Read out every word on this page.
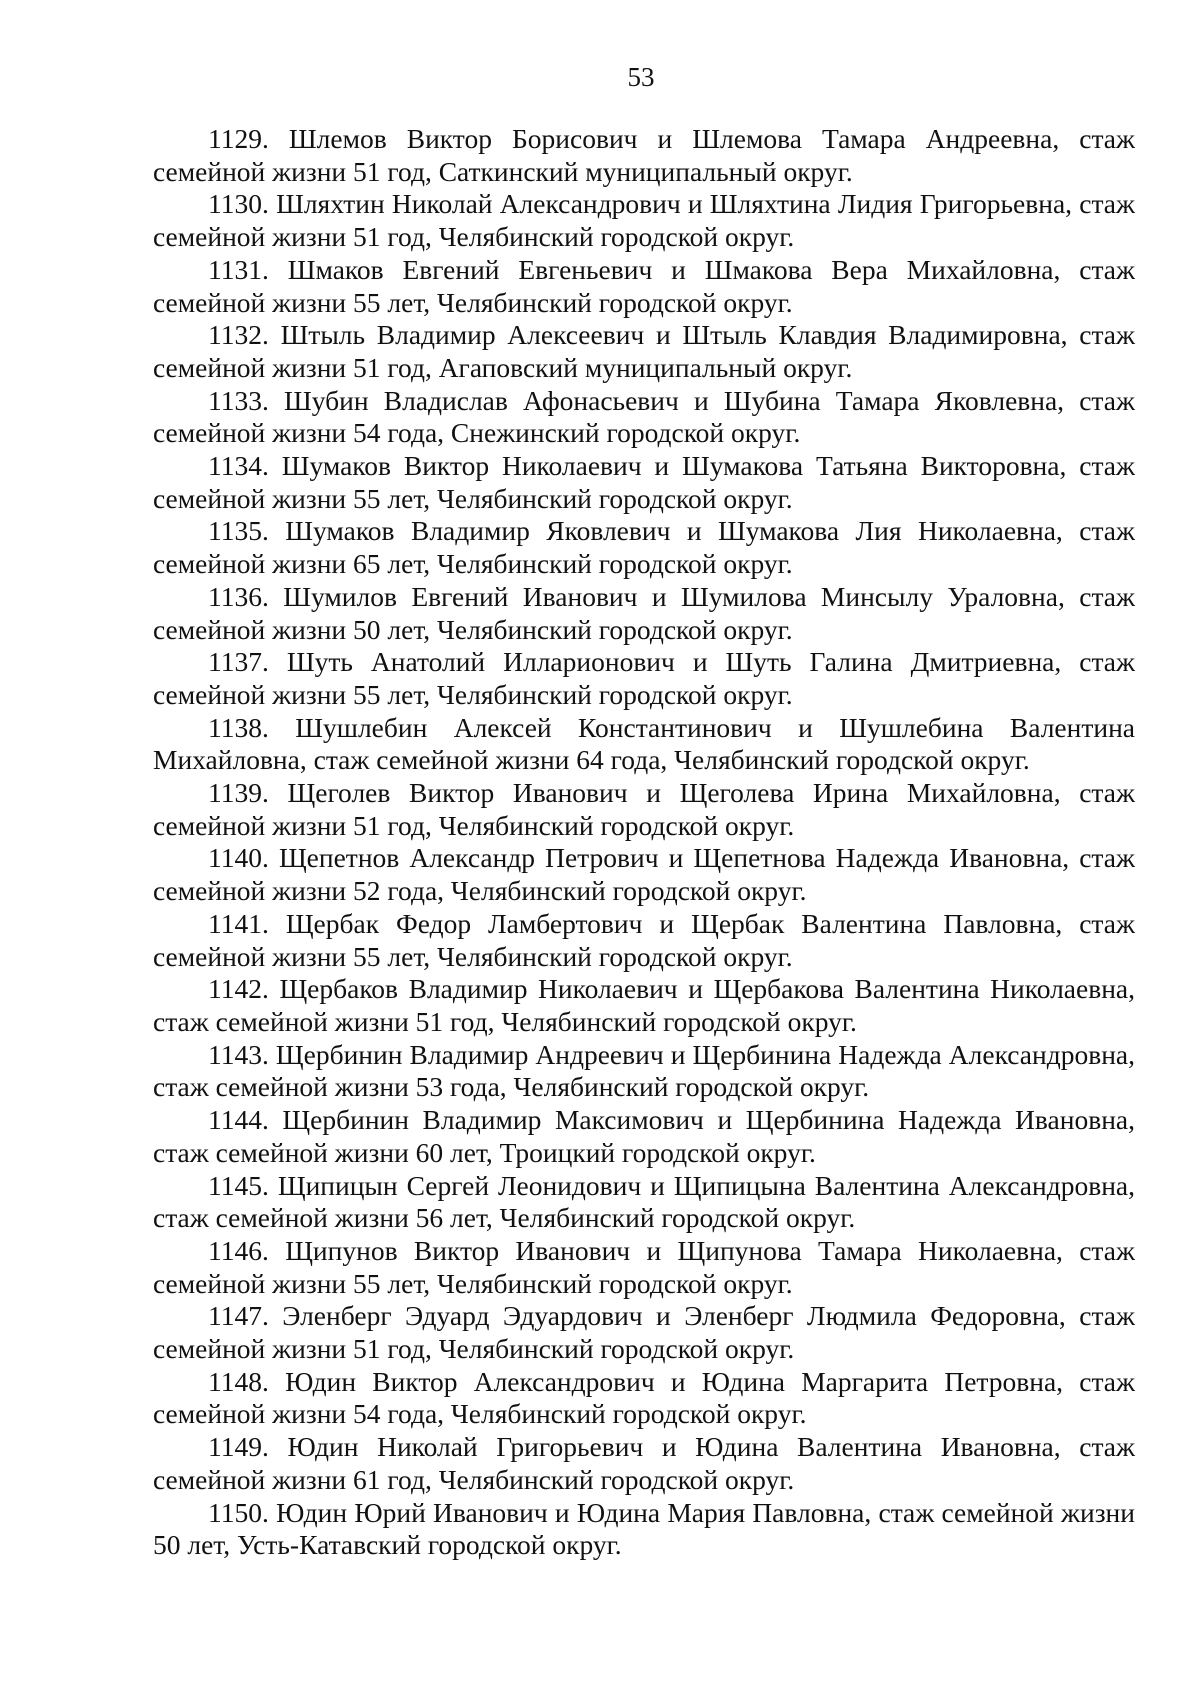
53

1129. Шлемов Виктор Борисович и Шлемова Тамара Андреевна, стаж семейной жизни 51 год, Саткинский муниципальный округ.

1130. Шляхтин Николай Александрович и Шляхтина Лидия Григорьевна, стаж семейной жизни 51 год, Челябинский городской округ.

1131. Шмаков Евгений Евгеньевич и Шмакова Вера Михайловна, стаж семейной жизни 55 лет, Челябинский городской округ.

1132. Штыль Владимир Алексеевич и Штыль Клавдия Владимировна, стаж семейной жизни 51 год, Агаповский муниципальный округ.

1133. Шубин Владислав Афонасьевич и Шубина Тамара Яковлевна, стаж семейной жизни 54 года, Снежинский городской округ.

1134. Шумаков Виктор Николаевич и Шумакова Татьяна Викторовна, стаж семейной жизни 55 лет, Челябинский городской округ.

1135. Шумаков Владимир Яковлевич и Шумакова Лия Николаевна, стаж семейной жизни 65 лет, Челябинский городской округ.

1136. Шумилов Евгений Иванович и Шумилова Минсылу Ураловна, стаж семейной жизни 50 лет, Челябинский городской округ.

1137. Шуть Анатолий Илларионович и Шуть Галина Дмитриевна, стаж семейной жизни 55 лет, Челябинский городской округ.

1138. Шушлебин Алексей Константинович и Шушлебина Валентина Михайловна, стаж семейной жизни 64 года, Челябинский городской округ.

1139. Щеголев Виктор Иванович и Щеголева Ирина Михайловна, стаж семейной жизни 51 год, Челябинский городской округ.

1140. Щепетнов Александр Петрович и Щепетнова Надежда Ивановна, стаж семейной жизни 52 года, Челябинский городской округ.

1141. Щербак Федор Ламбертович и Щербак Валентина Павловна, стаж семейной жизни 55 лет, Челябинский городской округ.

1142. Щербаков Владимир Николаевич и Щербакова Валентина Николаевна, стаж семейной жизни 51 год, Челябинский городской округ.

1143. Щербинин Владимир Андреевич и Щербинина Надежда Александровна, стаж семейной жизни 53 года, Челябинский городской округ.

1144. Щербинин Владимир Максимович и Щербинина Надежда Ивановна, стаж семейной жизни 60 лет, Троицкий городской округ.

1145. Щипицын Сергей Леонидович и Щипицына Валентина Александровна, стаж семейной жизни 56 лет, Челябинский городской округ.

1146. Щипунов Виктор Иванович и Щипунова Тамара Николаевна, стаж семейной жизни 55 лет, Челябинский городской округ.

1147. Эленберг Эдуард Эдуардович и Эленберг Людмила Федоровна, стаж семейной жизни 51 год, Челябинский городской округ.

1148. Юдин Виктор Александрович и Юдина Маргарита Петровна, стаж семейной жизни 54 года, Челябинский городской округ.

1149. Юдин Николай Григорьевич и Юдина Валентина Ивановна, стаж семейной жизни 61 год, Челябинский городской округ.

1150. Юдин Юрий Иванович и Юдина Мария Павловна, стаж семейной жизни 50 лет, Усть-Катавский городской округ.
